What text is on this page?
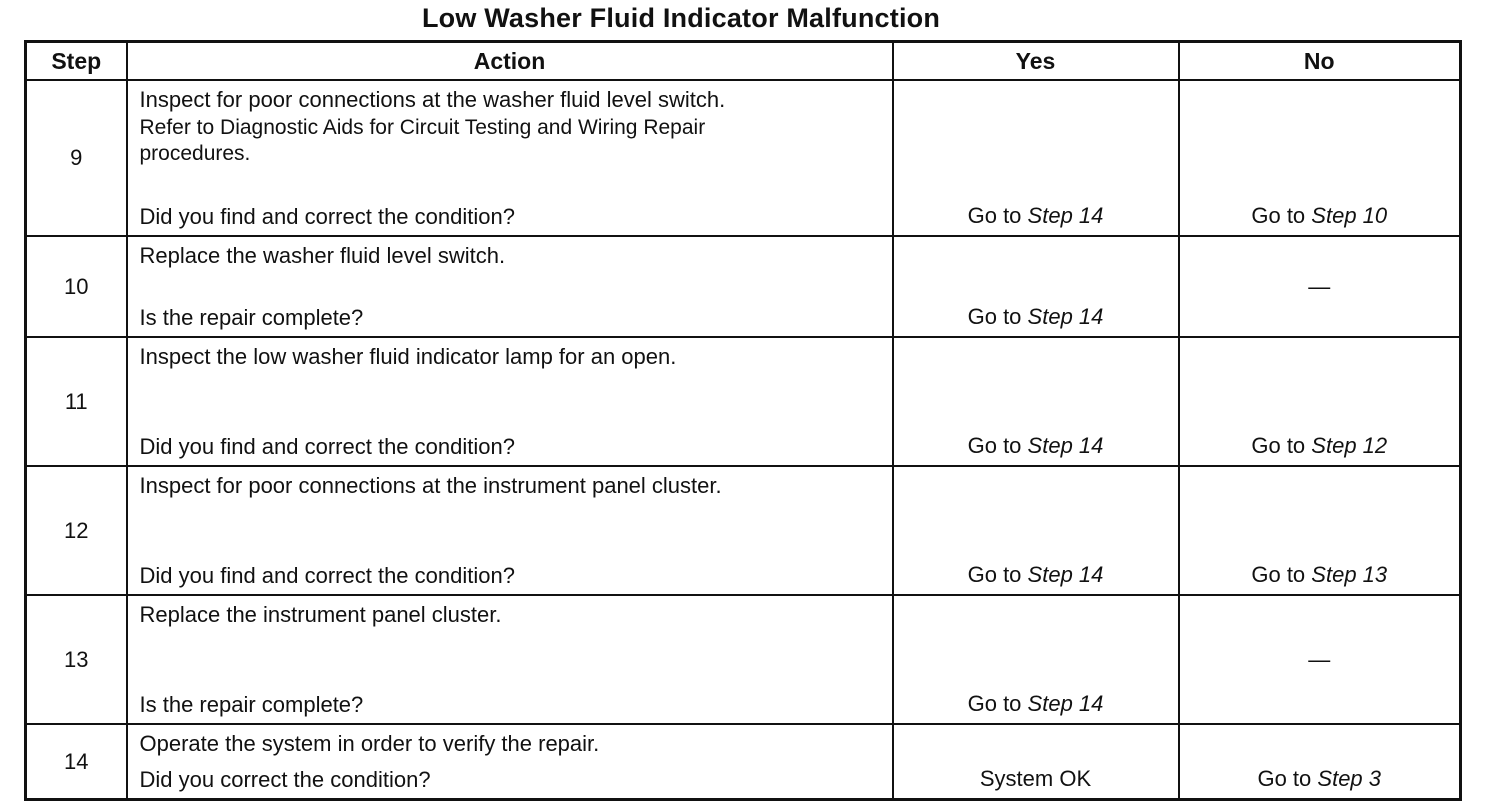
Low Washer Fluid Indicator Malfunction
Step	Action	Yes	No
9	Inspect for poor connections at the washer fluid level switch.
Refer to Diagnostic Aids for Circuit Testing and Wiring Repair
procedures.
Did you find and correct the condition?	Go to Step 14	Go to Step 10
10	Replace the washer fluid level switch.
Is the repair complete?	Go to Step 14	—
11	Inspect the low washer fluid indicator lamp for an open.
Did you find and correct the condition?	Go to Step 14	Go to Step 12
12	Inspect for poor connections at the instrument panel cluster.
Did you find and correct the condition?	Go to Step 14	Go to Step 13
13	Replace the instrument panel cluster.
Is the repair complete?	Go to Step 14	—
14	Operate the system in order to verify the repair.
Did you correct the condition?	System OK	Go to Step 3
